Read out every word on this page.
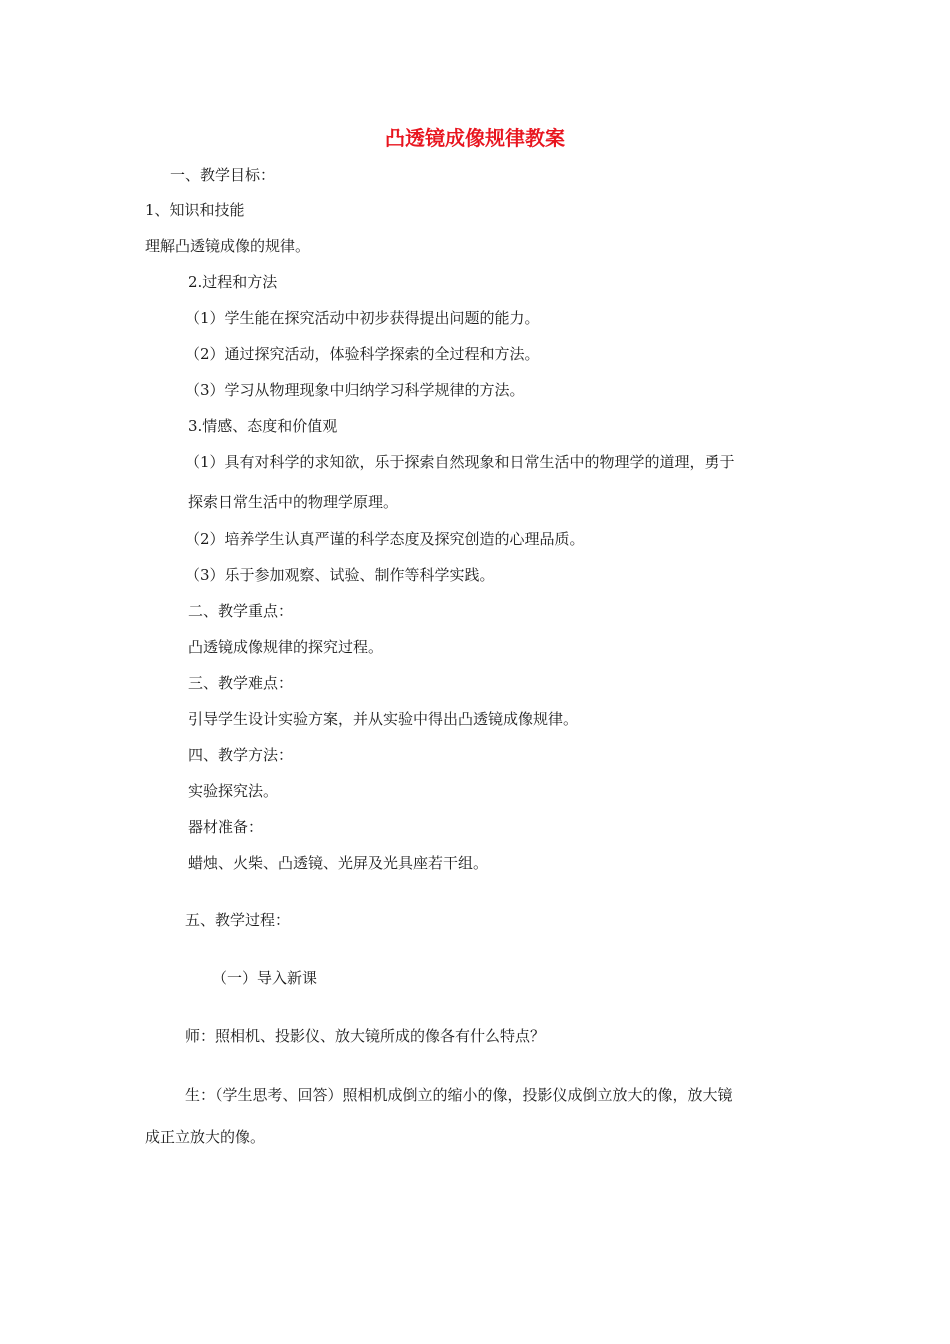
凸透镜成像规律教案
一、教学目标：
1、知识和技能
理解凸透镜成像的规律。
2.过程和方法
（1）学生能在探究活动中初步获得提出问题的能力。
（2）通过探究活动，体验科学探索的全过程和方法。
（3）学习从物理现象中归纳学习科学规律的方法。
3.情感、态度和价值观
（1）具有对科学的求知欲，乐于探索自然现象和日常生活中的物理学的道理，勇于
探索日常生活中的物理学原理。
（2）培养学生认真严谨的科学态度及探究创造的心理品质。
（3）乐于参加观察、试验、制作等科学实践。
二、教学重点：
凸透镜成像规律的探究过程。
三、教学难点：
引导学生设计实验方案，并从实验中得出凸透镜成像规律。
四、教学方法：
实验探究法。
器材准备：
蜡烛、火柴、凸透镜、光屏及光具座若干组。
五、教学过程：
（一）导入新课
师：照相机、投影仪、放大镜所成的像各有什么特点？
生：（学生思考、回答）照相机成倒立的缩小的像，投影仪成倒立放大的像，放大镜
成正立放大的像。
